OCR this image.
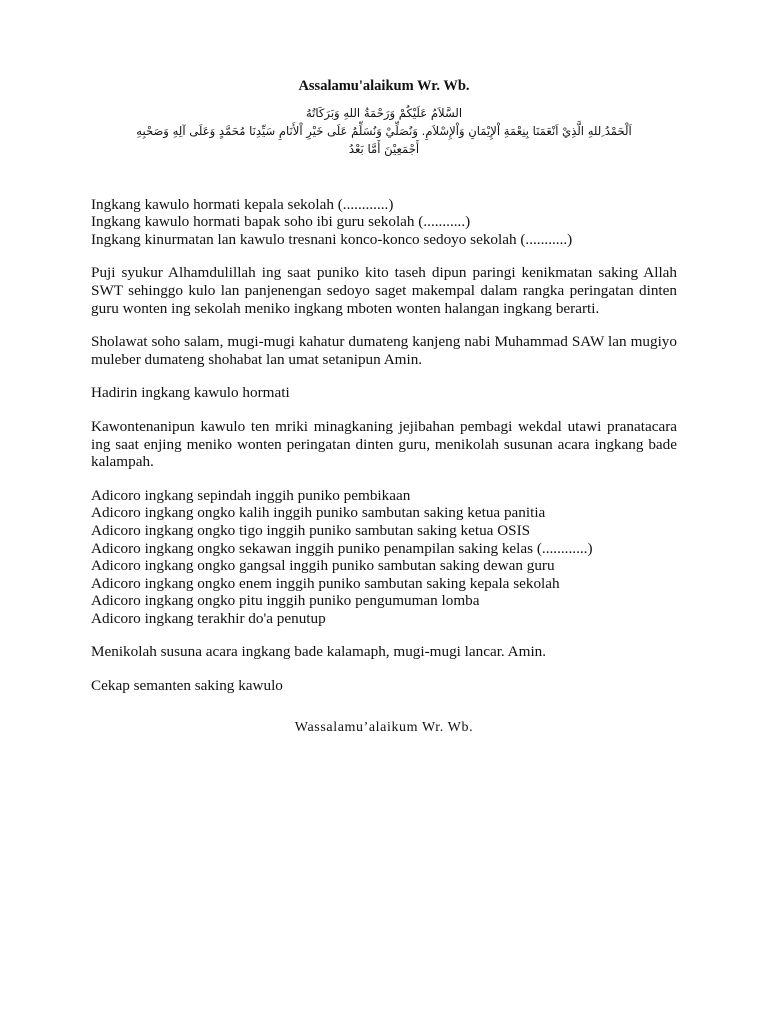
Assalamu'alaikum Wr. Wb.
السَّلاَمُ عَلَيْكُمْ وَرَحْمَةُ اللهِ وَبَرَكَاتُهُ
اَلْحَمْدُ ِللهِ الَّذِيْ اَنْعَمَنَا بِنِعْمَةِ اْلإِيْمَانِ وَاْلإِسْلاَمِ. وَنُصَلِّيْ وَنُسَلِّمُ عَلَى خَيْرِ اْلأَنَامِ سَيِّدِنَا مُحَمَّدٍ وَعَلَى آلِهِ وَصَحْبِهِ
أَجْمَعِيْنَ أَمَّا بَعْدُ
Ingkang kawulo hormati kepala sekolah (............)
Ingkang kawulo hormati bapak soho ibi guru sekolah (...........)
Ingkang kinurmatan lan kawulo tresnani konco-konco sedoyo sekolah (...........)

Puji syukur Alhamdulillah ing saat puniko kito taseh dipun paringi kenikmatan saking Allah SWT sehinggo kulo lan panjenengan sedoyo saget makempal dalam rangka peringatan dinten guru wonten ing sekolah meniko ingkang mboten wonten halangan ingkang berarti.

Sholawat soho salam, mugi-mugi kahatur dumateng kanjeng nabi Muhammad SAW lan mugiyo muleber dumateng shohabat lan umat setanipun Amin.

Hadirin ingkang kawulo hormati

Kawontenanipun kawulo ten mriki minagkaning jejibahan pembagi wekdal utawi pranatacara ing saat enjing meniko wonten peringatan dinten guru, menikolah susunan acara ingkang bade kalampah.

Adicoro ingkang sepindah inggih puniko pembikaan
Adicoro ingkang ongko kalih inggih puniko sambutan saking ketua panitia
Adicoro ingkang ongko tigo inggih puniko sambutan saking ketua OSIS
Adicoro ingkang ongko sekawan inggih puniko penampilan saking kelas (............)
Adicoro ingkang ongko gangsal inggih puniko sambutan saking dewan guru
Adicoro ingkang ongko enem inggih puniko sambutan saking kepala sekolah
Adicoro ingkang ongko pitu inggih puniko pengumuman lomba
Adicoro ingkang terakhir do'a penutup

Menikolah susuna acara ingkang bade kalamaph, mugi-mugi lancar. Amin.

Cekap semanten saking kawulo

Wassalamu’alaikum Wr. Wb.
